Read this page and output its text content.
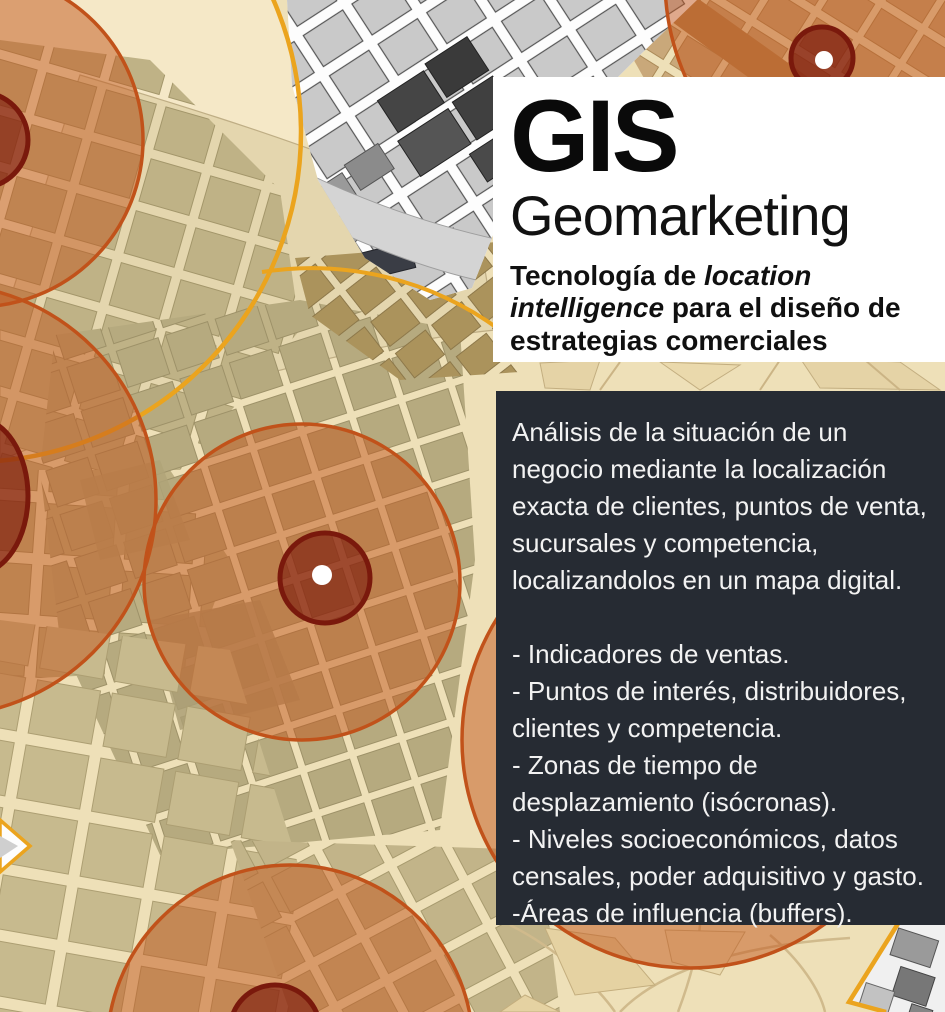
GIS
Geomarketing

Tecnología de location intelligence para el diseño de estrategias comerciales

Análisis de la situación de un negocio mediante la localización exacta de clientes, puntos de venta, sucursales y competencia, localizandolos en un mapa digital.

- Indicadores de ventas.
- Puntos de interés, distribuidores, clientes y competencia.
- Zonas de tiempo de desplazamiento (isócronas).
- Niveles socioeconómicos, datos censales, poder adquisitivo y gasto.
-Áreas de influencia (buffers).
